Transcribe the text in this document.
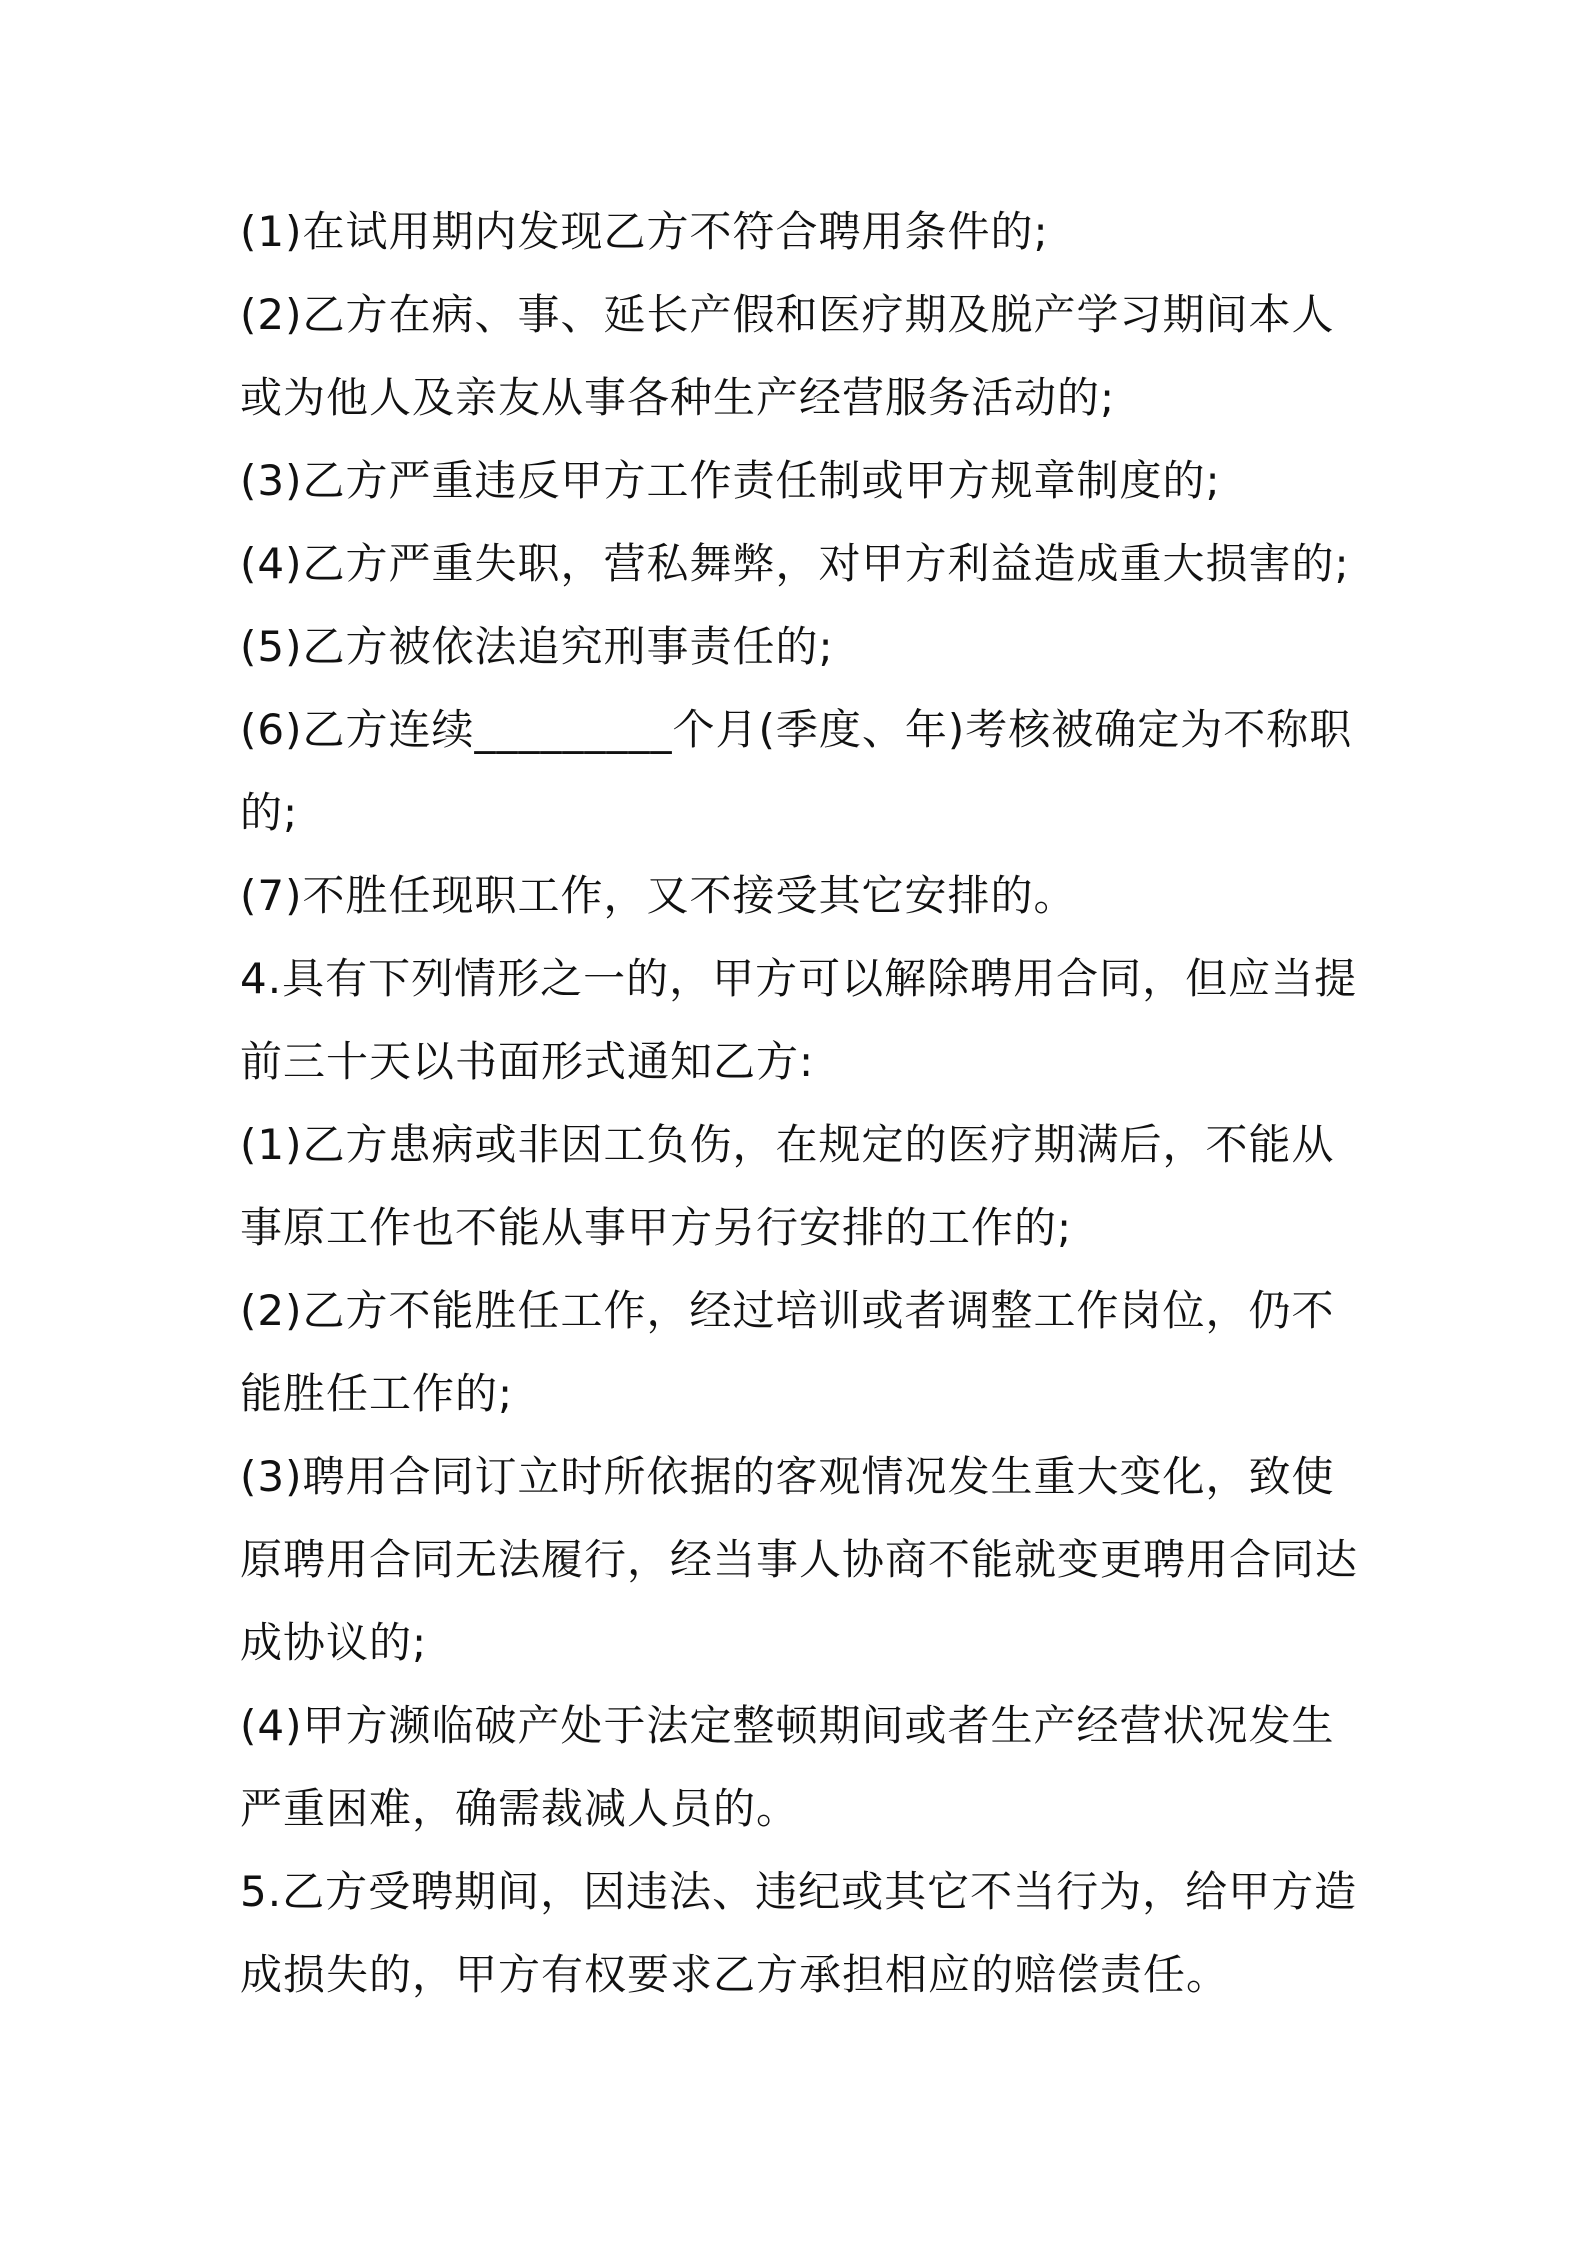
(1)在试用期内发现乙方不符合聘用条件的;

(2)乙方在病、事、延长产假和医疗期及脱产学习期间本人或为他人及亲友从事各种生产经营服务活动的;

(3)乙方严重违反甲方工作责任制或甲方规章制度的;

(4)乙方严重失职，营私舞弊，对甲方利益造成重大损害的;

(5)乙方被依法追究刑事责任的;

(6)乙方连续_________个月(季度、年)考核被确定为不称职的;

(7)不胜任现职工作，又不接受其它安排的。

4.具有下列情形之一的，甲方可以解除聘用合同，但应当提前三十天以书面形式通知乙方:

(1)乙方患病或非因工负伤，在规定的医疗期满后，不能从事原工作也不能从事甲方另行安排的工作的;

(2)乙方不能胜任工作，经过培训或者调整工作岗位，仍不能胜任工作的;

(3)聘用合同订立时所依据的客观情况发生重大变化，致使原聘用合同无法履行，经当事人协商不能就变更聘用合同达成协议的;

(4)甲方濒临破产处于法定整顿期间或者生产经营状况发生严重困难，确需裁减人员的。

5.乙方受聘期间，因违法、违纪或其它不当行为，给甲方造成损失的，甲方有权要求乙方承担相应的赔偿责任。
